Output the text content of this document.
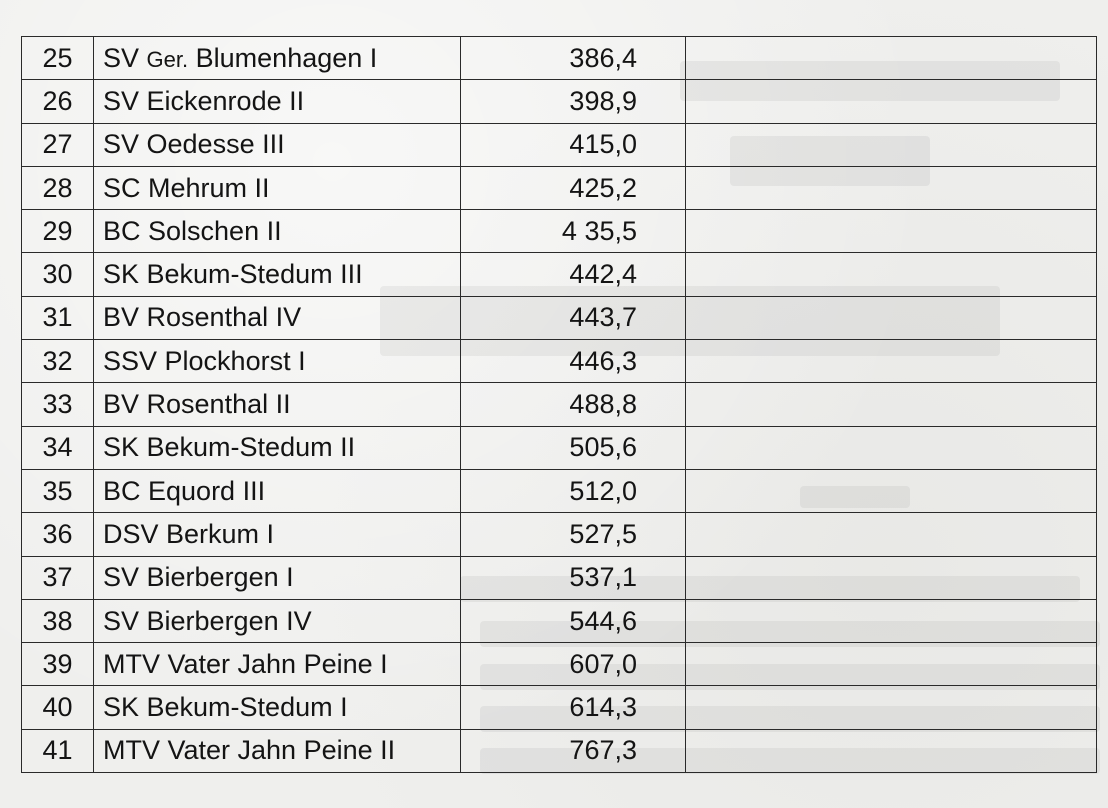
25	SV Ger. Blumenhagen I	386,4	
26	SV Eickenrode II	398,9	
27	SV Oedesse III	415,0	
28	SC Mehrum II	425,2	
29	BC Solschen II	4 35,5	
30	SK Bekum-Stedum III	442,4	
31	BV Rosenthal IV	443,7	
32	SSV Plockhorst I	446,3	
33	BV Rosenthal II	488,8	
34	SK Bekum-Stedum II	505,6	
35	BC Equord III	512,0	
36	DSV Berkum I	527,5	
37	SV Bierbergen I	537,1	
38	SV Bierbergen IV	544,6	
39	MTV Vater Jahn Peine I	607,0	
40	SK Bekum-Stedum I	614,3	
41	MTV Vater Jahn Peine II	767,3	
